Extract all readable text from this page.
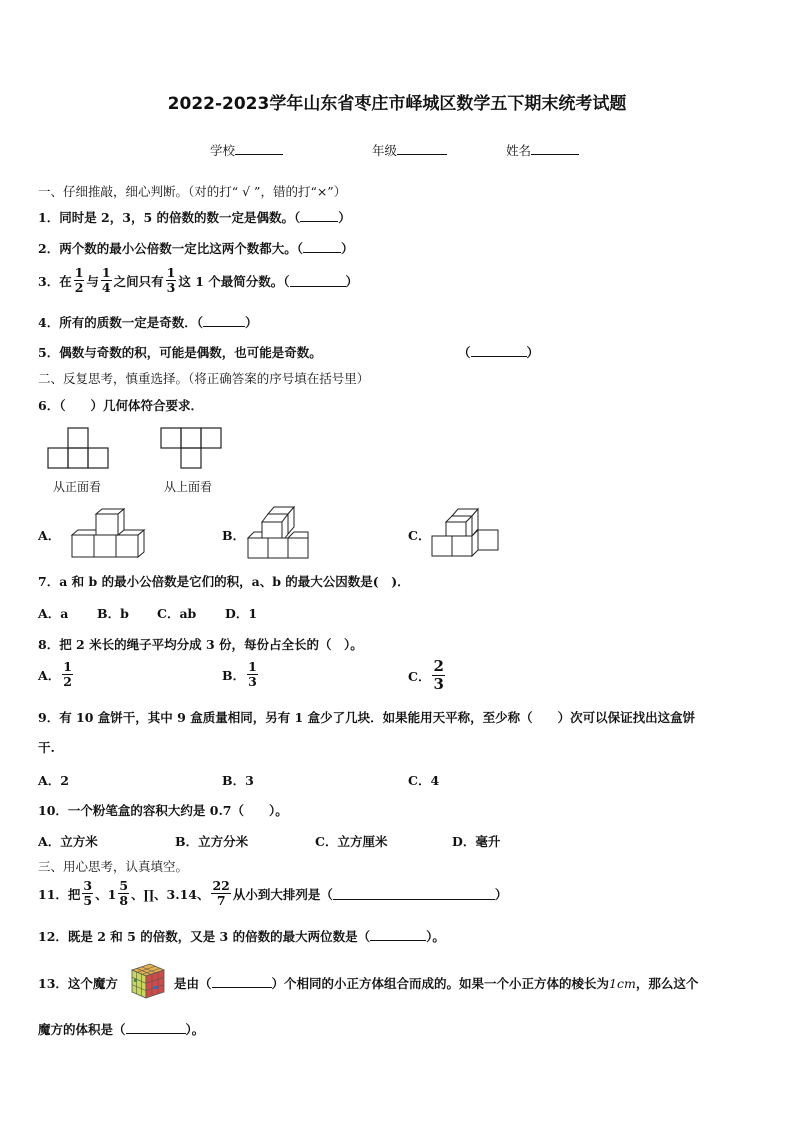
2022-2023学年山东省枣庄市峄城区数学五下期末统考试题
学校	年级	姓名
一、仔细推敲，细心判断。（对的打“ √ ”，错的打“×”）
1．同时是 2，3，5 的倍数的数一定是偶数。（	）
2．两个数的最小公倍数一定比这两个数都大。（	）
3．在 $\frac{1}{2}$ 与 $\frac{1}{4}$ 之间只有 $\frac{1}{3}$ 这 1 个最简分数。（	）
4．所有的质数一定是奇数．（	）
5．偶数与奇数的积，可能是偶数，也可能是奇数。	（	）
二、反复思考，慎重选择。（将正确答案的序号填在括号里）
6．（　　）几何体符合要求．
从正面看	从上面看
A．	B．	C．
7．a 和 b 的最小公倍数是它们的积，a、b 的最大公因数是(　)．
A．a B．b C．ab D．1
8．把 2 米长的绳子平均分成 3 份，每份占全长的（　）。
A． $\frac{1}{2}$	B． $\frac{1}{3}$	C． $\frac{2}{3}$
9．有 10 盒饼干，其中 9 盒质量相同，另有 1 盒少了几块．如果能用天平称，至少称（　　）次可以保证找出这盒饼
干.
A．2	B．3	C．4
10．一个粉笔盒的容积大约是 0.7（　　）。
A．立方米	B．立方分米	C．立方厘米	D．毫升
三、用心思考，认真填空。
11．把 $\frac{3}{5}$ 、$1 \frac{5}{8}$ 、∏、3.14、 $\frac{22}{7}$ 从小到大排列是（	）
12．既是 2 和 5 的倍数，又是 3 的倍数的最大两位数是（	）。
13．这个魔方	是由（	）个相同的小正方体组合而成的。如果一个小正方体的棱长为1cm，那么这个
魔方的体积是（	）。
